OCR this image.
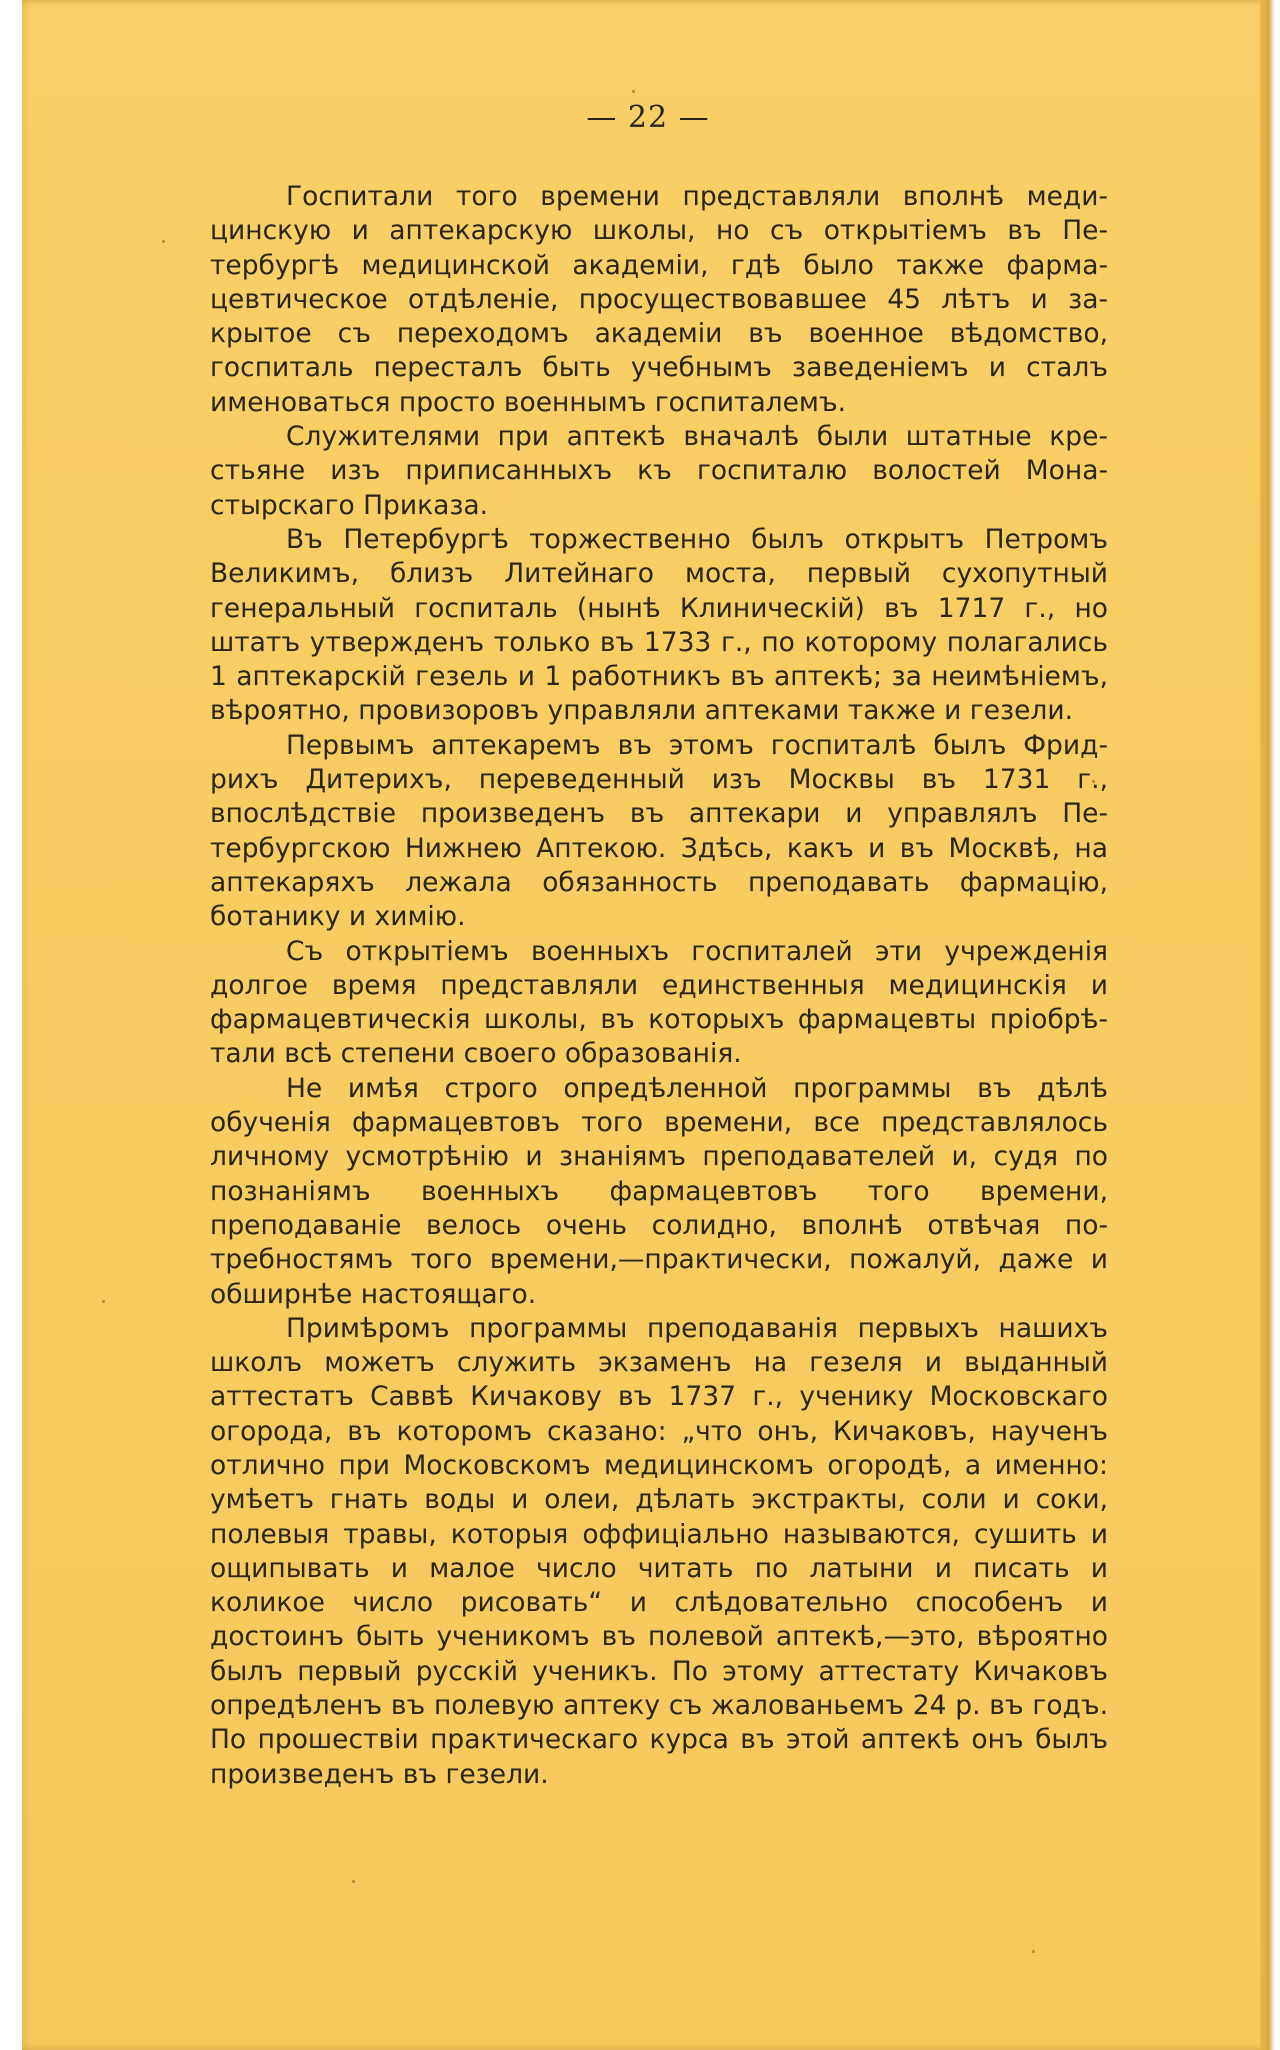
— 22 —

Госпитали того времени представляли вполнѣ медицинскую и аптекарскую школы, но съ открытіемъ въ Петербургѣ медицинской академіи, гдѣ было также фармацевтическое отдѣленіе, просуществовавшее 45 лѣтъ и закрытое съ переходомъ академіи въ военное вѣдомство, госпиталь пересталъ быть учебнымъ заведеніемъ и сталъ именоваться просто военнымъ госпиталемъ.

Служителями при аптекѣ вначалѣ были штатные крестьяне изъ приписанныхъ къ госпиталю волостей Монастырскаго Приказа.

Въ Петербургѣ торжественно былъ открытъ Петромъ Великимъ, близъ Литейнаго моста, первый сухопутный генеральный госпиталь (нынѣ Клиническій) въ 1717 г., но штатъ утвержденъ только въ 1733 г., по которому полагались 1 аптекарскій гезель и 1 работникъ въ аптекѣ; за неимѣніемъ, вѣроятно, провизоровъ управляли аптеками также и гезели.

Первымъ аптекаремъ въ этомъ госпиталѣ былъ Фридрихъ Дитерихъ, переведенный изъ Москвы въ 1731 г., впослѣдствіе произведенъ въ аптекари и управлялъ Петербургскою Нижнею Аптекою. Здѣсь, какъ и въ Москвѣ, на аптекаряхъ лежала обязанность преподавать фармацію, ботанику и химію.

Съ открытіемъ военныхъ госпиталей эти учрежденія долгое время представляли единственныя медицинскія и фармацевтическія школы, въ которыхъ фармацевты пріобрѣтали всѣ степени своего образованія.

Не имѣя строго опредѣленной программы въ дѣлѣ обученія фармацевтовъ того времени, все представлялось личному усмотрѣнію и знаніямъ преподавателей и, судя по познаніямъ военныхъ фармацевтовъ того времени, преподаваніе велось очень солидно, вполнѣ отвѣчая потребностямъ того времени,—практически, пожалуй, даже и обширнѣе настоящаго.

Примѣромъ программы преподаванія первыхъ нашихъ школъ можетъ служить экзаменъ на гезеля и выданный аттестатъ Саввѣ Кичакову въ 1737 г., ученику Московскаго огорода, въ которомъ сказано: „что онъ, Кичаковъ, наученъ отлично при Московскомъ медицинскомъ огородѣ, а именно: умѣетъ гнать воды и олеи, дѣлать экстракты, соли и соки, полевыя травы, которыя оффиціально называются, сушить и ощипывать и малое число читать по латыни и писать и коликое число рисовать“ и слѣдовательно способенъ и достоинъ быть ученикомъ въ полевой аптекѣ,—это, вѣроятно былъ первый русскій ученикъ. По этому аттестату Кичаковъ опредѣленъ въ полевую аптеку съ жалованьемъ 24 р. въ годъ. По прошествіи практическаго курса въ этой аптекѣ онъ былъ произведенъ въ гезели.
